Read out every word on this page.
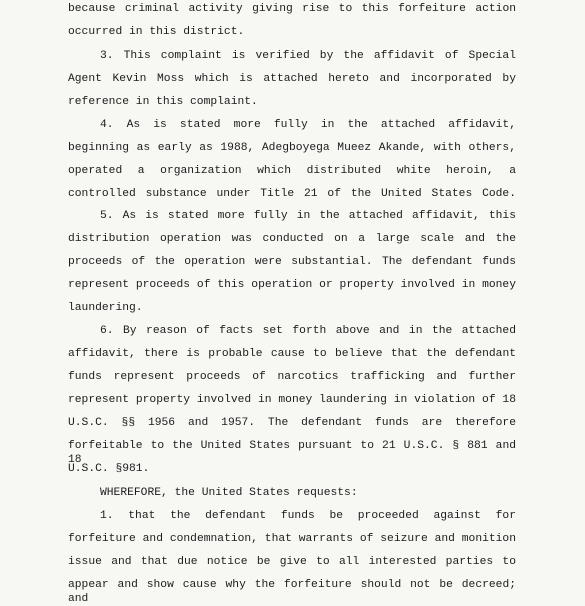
because criminal activity giving rise to this forfeiture action
occurred in this district.
3. This complaint is verified by the affidavit of Special
Agent Kevin Moss which is attached hereto and incorporated by
reference in this complaint.
4. As is stated more fully in the attached affidavit,
beginning as early as 1988, Adegboyega Mueez Akande, with others,
operated a organization which distributed white heroin, a
controlled substance under Title 21 of the United States Code.
5. As is stated more fully in the attached affidavit, this
distribution operation was conducted on a large scale and the
proceeds of the operation were substantial. The defendant funds
represent proceeds of this operation or property involved in money
laundering.
6. By reason of facts set forth above and in the attached
affidavit, there is probable cause to believe that the defendant
funds represent proceeds of narcotics trafficking and further
represent property involved in money laundering in violation of 18
U.S.C. §§ 1956 and 1957. The defendant funds are therefore
forfeitable to the United States pursuant to 21 U.S.C. § 881 and 18
U.S.C. §981.
WHEREFORE, the United States requests:
1. that the defendant funds be proceeded against for
forfeiture and condemnation, that warrants of seizure and monition
issue and that due notice be give to all interested parties to
appear and show cause why the forfeiture should not be decreed; and
